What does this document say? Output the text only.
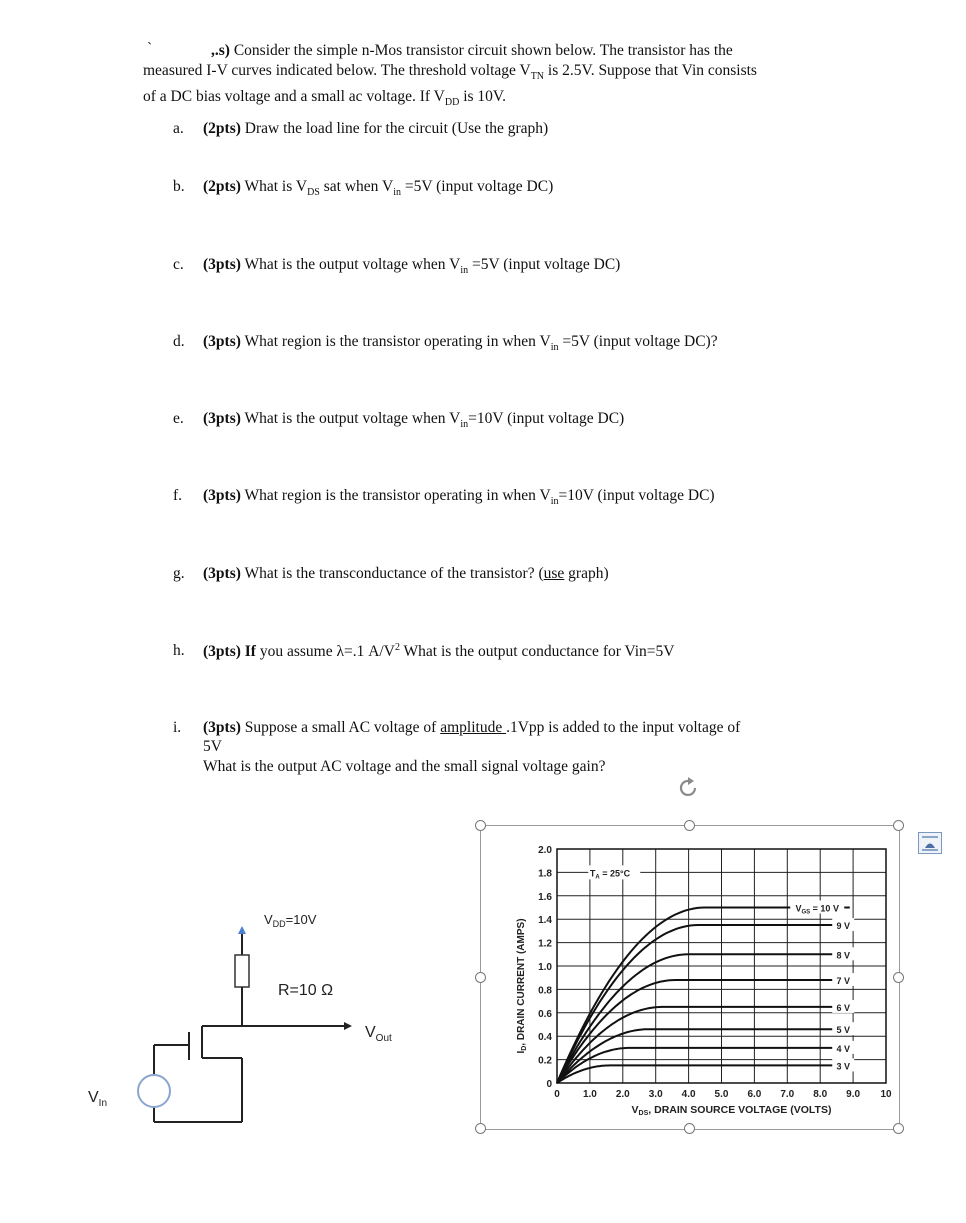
ˋ	,.s) Consider the simple n-Mos transistor circuit shown below. The transistor has the
measured I-V curves indicated below. The threshold voltage $V_{TN}$ is 2.5V. Suppose that Vin consists
of a DC bias voltage and a small ac voltage. If $V_{DD}$ is 10V.
a. (2pts) Draw the load line for the circuit (Use the graph)
b. (2pts) What is $V_{DS}$ sat when $V_{in} =5V$ (input voltage DC)
c. (3pts) What is the output voltage when $V_{in} =5V$ (input voltage DC)
d. (3pts) What region is the transistor operating in when $V_{in} =5V$ (input voltage DC)?
e. (3pts) What is the output voltage when $V_{in}=10V$ (input voltage DC)
f. (3pts) What region is the transistor operating in when $V_{in}=10V$ (input voltage DC)
g. (3pts) What is the transconductance of the transistor? (use graph)
h. (3pts) If you assume λ=.1 $A/V^2$ What is the output conductance for Vin=5V
i. (3pts) Suppose a small AC voltage of amplitude .1Vpp is added to the input voltage of
5V
What is the output AC voltage and the small signal voltage gain?
$V_{DD}=10V$
R=10 Ω
$V_{Out}$
$V_{In}$
0
0.2
0.4
0.6
0.8
1.0
1.2
1.4
1.6
1.8
2.0
0 1.0 2.0 3.0 4.0 5.0 6.0 7.0 8.0 9.0 10
$I_D$, DRAIN CURRENT (AMPS)
VDS, DRAIN SOURCE VOLTAGE (VOLTS)
$T_A = 25^\circ C$
$V_{GS} = 10$ V
9 V
8 V
7 V
6 V
5 V
4 V
3 V
